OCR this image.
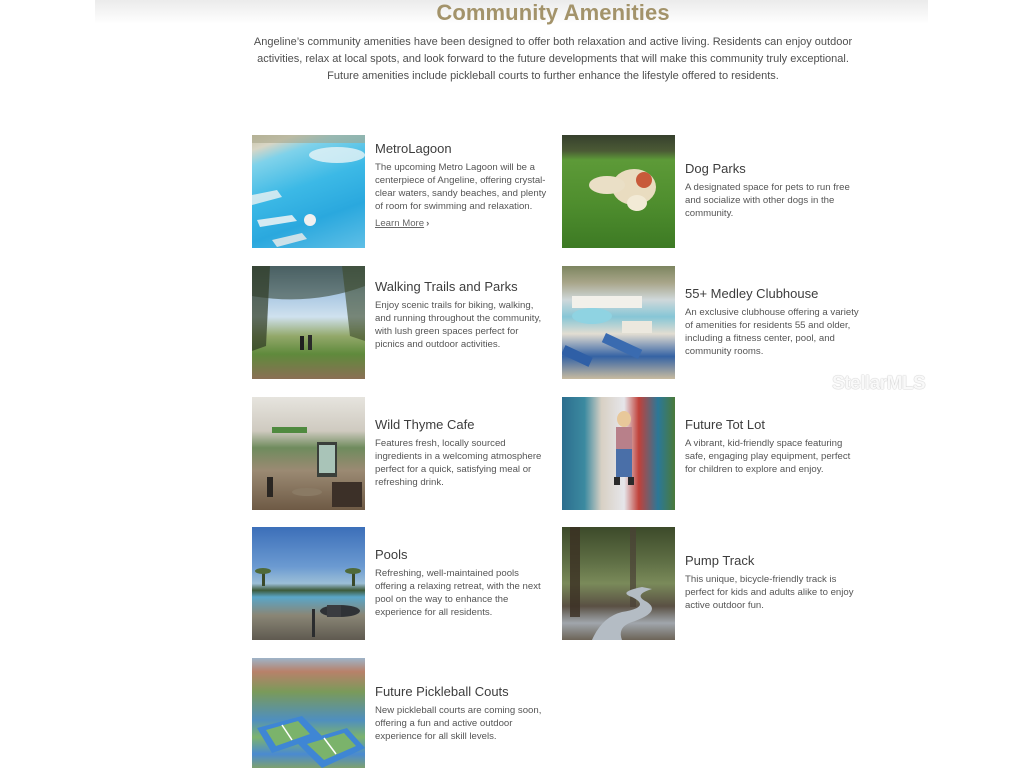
Community Amenities

Angeline’s community amenities have been designed to offer both relaxation and active living. Residents can enjoy outdoor activities, relax at local spots, and look forward to the future developments that will make this community truly exceptional. Future amenities include pickleball courts to further enhance the lifestyle offered to residents.

MetroLagoon
The upcoming Metro Lagoon will be a centerpiece of Angeline, offering crystal-clear waters, sandy beaches, and plenty of room for swimming and relaxation.
Learn More ›
Dog Parks
A designated space for pets to run free and socialize with other dogs in the community.
Walking Trails and Parks
Enjoy scenic trails for biking, walking, and running throughout the community, with lush green spaces perfect for picnics and outdoor activities.
55+ Medley Clubhouse
An exclusive clubhouse offering a variety of amenities for residents 55 and older, including a fitness center, pool, and community rooms.
StellarMLS
Wild Thyme Cafe
Features fresh, locally sourced ingredients in a welcoming atmosphere perfect for a quick, satisfying meal or refreshing drink.
Future Tot Lot
A vibrant, kid-friendly space featuring safe, engaging play equipment, perfect for children to explore and enjoy.
Pools
Refreshing, well-maintained pools offering a relaxing retreat, with the next pool on the way to enhance the experience for all residents.
Pump Track
This unique, bicycle-friendly track is perfect for kids and adults alike to enjoy active outdoor fun.
Future Pickleball Couts
New pickleball courts are coming soon, offering a fun and active outdoor experience for all skill levels.
